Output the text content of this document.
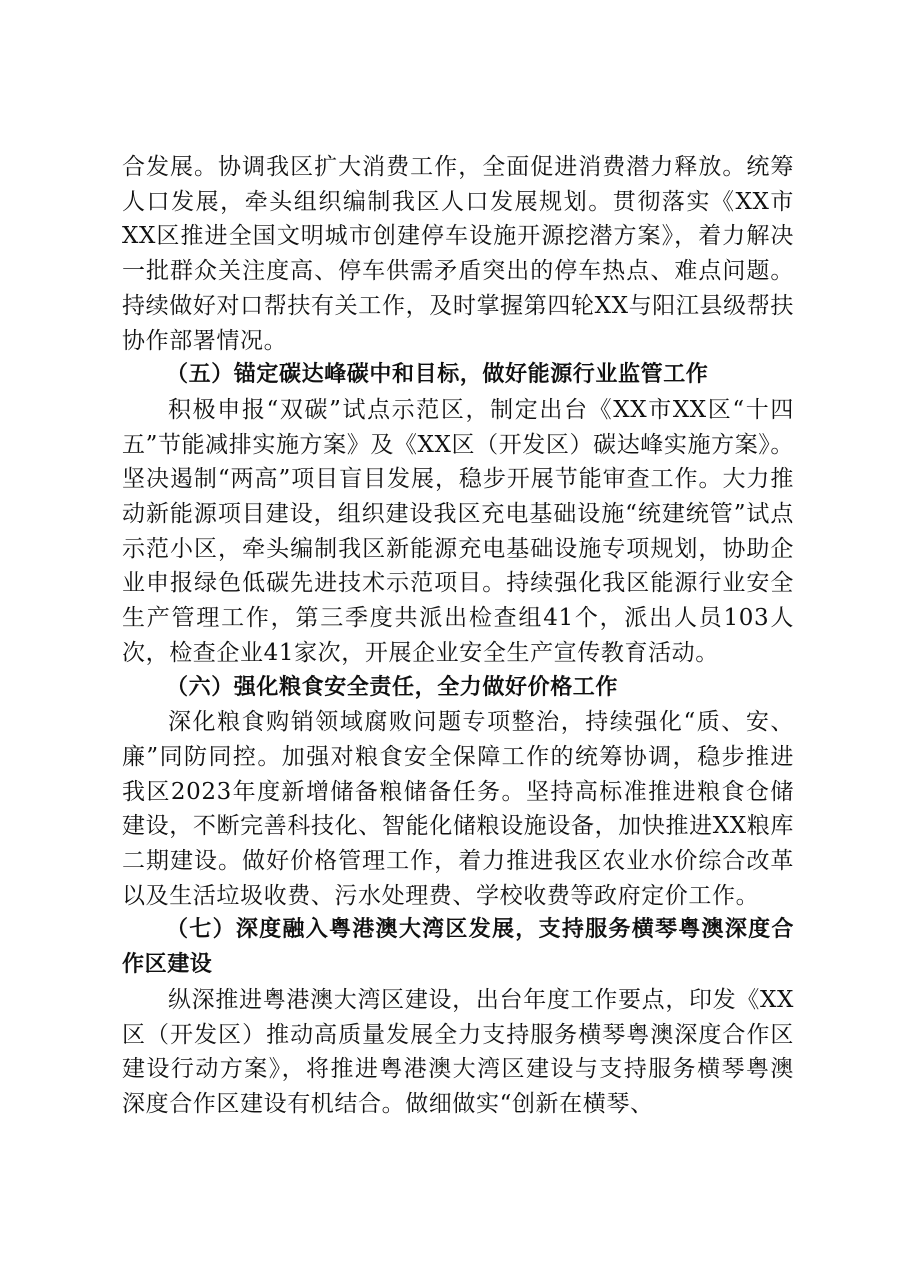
合发展。协调我区扩大消费工作，全面促进消费潜力释放。统筹人口发展，牵头组织编制我区人口发展规划。贯彻落实《XX市XX区推进全国文明城市创建停车设施开源挖潜方案》，着力解决一批群众关注度高、停车供需矛盾突出的停车热点、难点问题。持续做好对口帮扶有关工作，及时掌握第四轮XX与阳江县级帮扶协作部署情况。

（五）锚定碳达峰碳中和目标，做好能源行业监管工作

积极申报“双碳”试点示范区，制定出台《XX市XX区“十四五”节能减排实施方案》及《XX区（开发区）碳达峰实施方案》。坚决遏制“两高”项目盲目发展，稳步开展节能审查工作。大力推动新能源项目建设，组织建设我区充电基础设施“统建统管”试点示范小区，牵头编制我区新能源充电基础设施专项规划，协助企业申报绿色低碳先进技术示范项目。持续强化我区能源行业安全生产管理工作，第三季度共派出检查组41个，派出人员103人次，检查企业41家次，开展企业安全生产宣传教育活动。

（六）强化粮食安全责任，全力做好价格工作

深化粮食购销领域腐败问题专项整治，持续强化“质、安、廉”同防同控。加强对粮食安全保障工作的统筹协调，稳步推进我区2023年度新增储备粮储备任务。坚持高标准推进粮食仓储建设，不断完善科技化、智能化储粮设施设备，加快推进XX粮库二期建设。做好价格管理工作，着力推进我区农业水价综合改革以及生活垃圾收费、污水处理费、学校收费等政府定价工作。

（七）深度融入粤港澳大湾区发展，支持服务横琴粤澳深度合作区建设

纵深推进粤港澳大湾区建设，出台年度工作要点，印发《XX区（开发区）推动高质量发展全力支持服务横琴粤澳深度合作区建设行动方案》，将推进粤港澳大湾区建设与支持服务横琴粤澳深度合作区建设有机结合。做细做实“创新在横琴、
